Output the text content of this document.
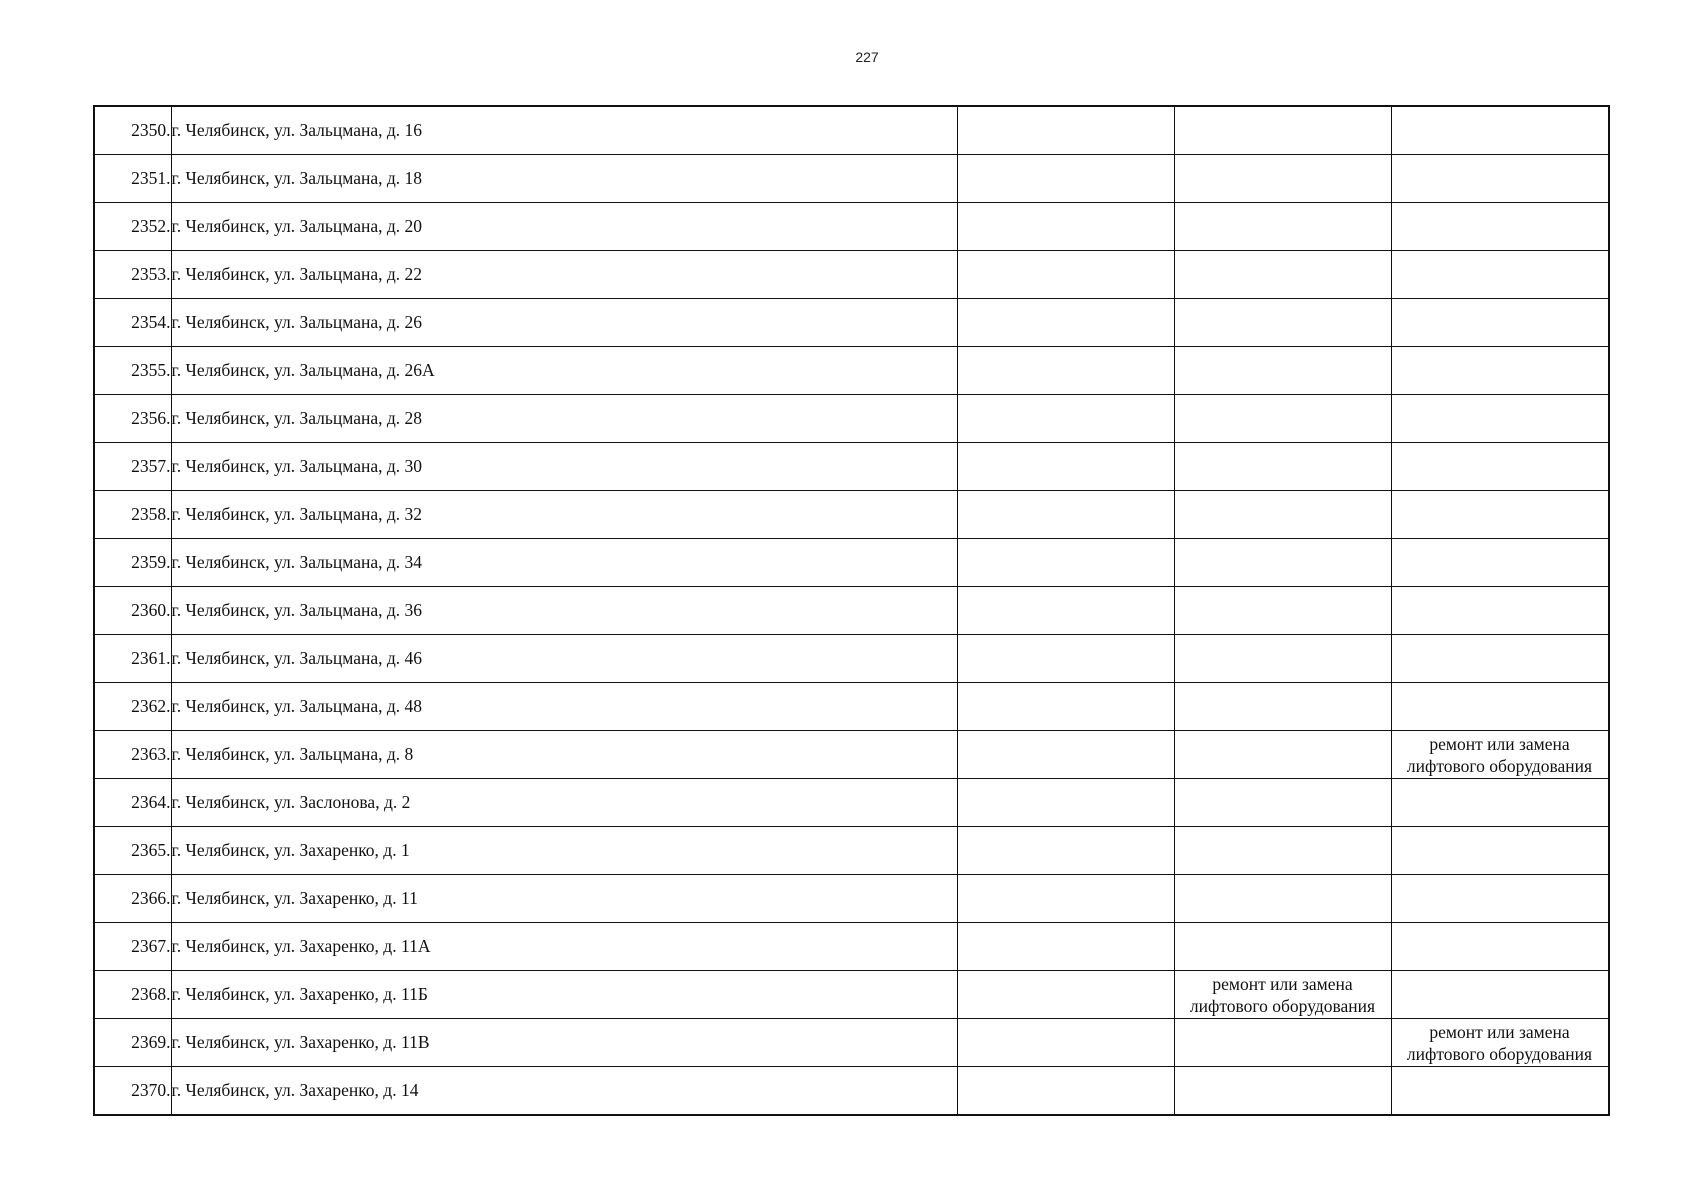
227
2350.	г. Челябинск, ул. Зальцмана, д. 16			
2351.	г. Челябинск, ул. Зальцмана, д. 18			
2352.	г. Челябинск, ул. Зальцмана, д. 20			
2353.	г. Челябинск, ул. Зальцмана, д. 22			
2354.	г. Челябинск, ул. Зальцмана, д. 26			
2355.	г. Челябинск, ул. Зальцмана, д. 26А			
2356.	г. Челябинск, ул. Зальцмана, д. 28			
2357.	г. Челябинск, ул. Зальцмана, д. 30			
2358.	г. Челябинск, ул. Зальцмана, д. 32			
2359.	г. Челябинск, ул. Зальцмана, д. 34			
2360.	г. Челябинск, ул. Зальцмана, д. 36			
2361.	г. Челябинск, ул. Зальцмана, д. 46			
2362.	г. Челябинск, ул. Зальцмана, д. 48			
2363.	г. Челябинск, ул. Зальцмана, д. 8			ремонт или замена лифтового оборудования
2364.	г. Челябинск, ул. Заслонова, д. 2			
2365.	г. Челябинск, ул. Захаренко, д. 1			
2366.	г. Челябинск, ул. Захаренко, д. 11			
2367.	г. Челябинск, ул. Захаренко, д. 11А			
2368.	г. Челябинск, ул. Захаренко, д. 11Б		ремонт или замена лифтового оборудования	
2369.	г. Челябинск, ул. Захаренко, д. 11В			ремонт или замена лифтового оборудования
2370.	г. Челябинск, ул. Захаренко, д. 14			
